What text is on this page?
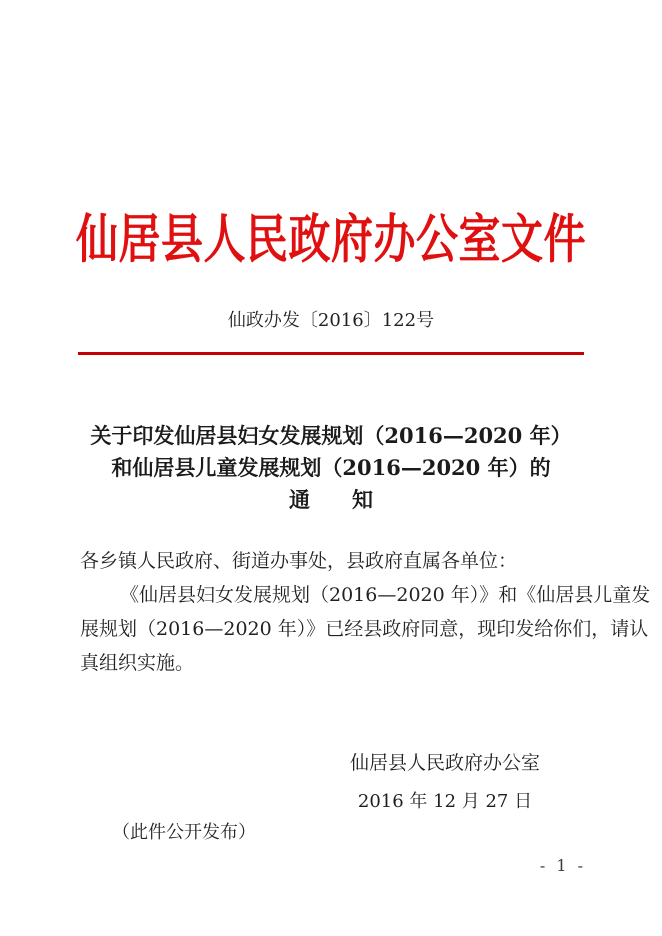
仙居县人民政府办公室文件
仙政办发〔2016〕122号
关于印发仙居县妇女发展规划（2016—2020 年）
和仙居县儿童发展规划（2016—2020 年）的
通　　知
各乡镇人民政府、街道办事处，县政府直属各单位：
《仙居县妇女发展规划（2016—2020 年）》和《仙居县儿童发
展规划（2016—2020 年）》已经县政府同意，现印发给你们，请认
真组织实施。
仙居县人民政府办公室
2016 年 12 月 27 日
（此件公开发布）
- 1 -
